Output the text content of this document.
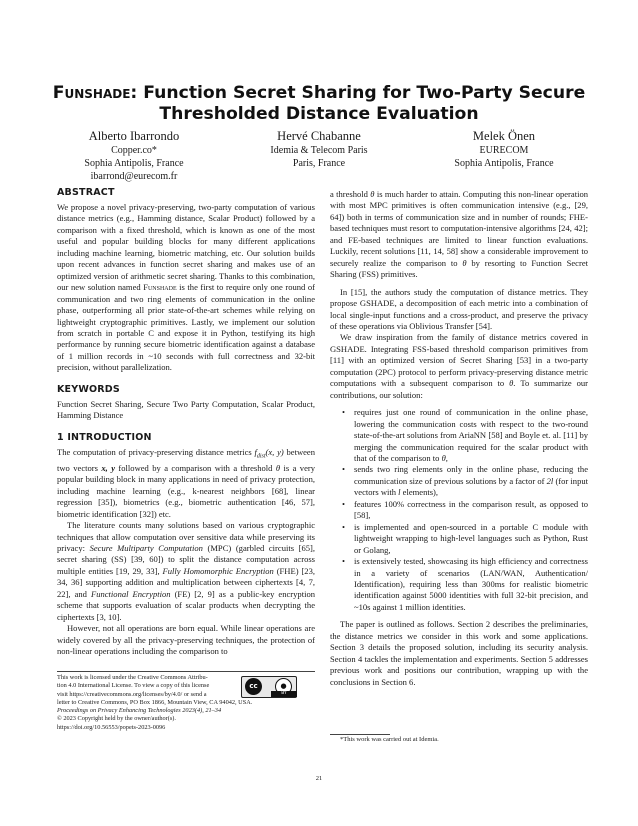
Funshade: Function Secret Sharing for Two-Party Secure
Thresholded Distance Evaluation
Alberto Ibarrondo
Copper.co*
Sophia Antipolis, France
ibarrond@eurecom.fr
Hervé Chabanne
Idemia & Telecom Paris
Paris, France
Melek Önen
EURECOM
Sophia Antipolis, France
ABSTRACT

We propose a novel privacy-preserving, two-party computation of various distance metrics (e.g., Hamming distance, Scalar Product) followed by a comparison with a fixed threshold, which is known as one of the most useful and popular building blocks for many different applications including machine learning, biometric matching, etc. Our solution builds upon recent advances in function secret sharing and makes use of an optimized version of arithmetic secret sharing. Thanks to this combination, our new solution named Funshade is the first to require only one round of communication and two ring elements of communication in the online phase, outperforming all prior state-of-the-art schemes while relying on lightweight cryptographic primitives. Lastly, we implement our solution from scratch in portable C and expose it in Python, testifying its high performance by running secure biometric identification against a database of 1 million records in ~10 seconds with full correctness and 32-bit precision, without parallelization.

KEYWORDS

Function Secret Sharing, Secure Two Party Computation, Scalar Product, Hamming Distance

1 INTRODUCTION

The computation of privacy-preserving distance metrics $f_{dist}(x$, y) between two vectors x, y followed by a comparison with a threshold θ is a very popular building block in many applications in need of privacy protection, including machine learning (e.g., k-nearest neighbors [68], linear regression [35]), biometrics (e.g., biometric authentication [46, 57], biometric identification [32]) etc.

The literature counts many solutions based on various cryptographic techniques that allow computation over sensitive data while preserving its privacy: Secure Multiparty Computation (MPC) (garbled circuits [65], secret sharing (SS) [39, 60]) to split the distance computation across multiple entities [19, 29, 33], Fully Homomorphic Encryption (FHE) [23, 34, 36] supporting addition and multiplication between ciphertexts [4, 7, 22], and Functional Encryption (FE) [2, 9] as a public-key encryption scheme that supports evaluation of scalar products when decrypting the ciphertexts [3, 10].

However, not all operations are born equal. While linear operations are widely covered by all the privacy-preserving techniques, the protection of non-linear operations including the comparison to

This work is licensed under the Creative Commons Attribu-
tion 4.0 International License. To view a copy of this license
visit https://creativecommons.org/licenses/by/4.0/ or send a
letter to Creative Commons, PO Box 1866, Mountain View, CA 94042, USA.
Proceedings on Privacy Enhancing Technologies 2023(4), 21–34
© 2023 Copyright held by the owner/author(s).
https://doi.org/10.56553/popets-2023-0096
cc	●
BY

a threshold θ is much harder to attain. Computing this non-linear operation with most MPC primitives is often communication intensive (e.g., [29, 64]) both in terms of communication size and in number of rounds; FHE-based techniques must resort to computation-intensive algorithms [24, 42]; and FE-based techniques are limited to linear function evaluations. Luckily, recent solutions [11, 14, 58] show a considerable improvement to securely realize the comparison to θ by resorting to Function Secret Sharing (FSS) primitives.

In [15], the authors study the computation of distance metrics. They propose GSHADE, a decomposition of each metric into a combination of local single-input functions and a cross-product, and preserve the privacy of these operations via Oblivious Transfer [54].

We draw inspiration from the family of distance metrics covered in GSHADE. Integrating FSS-based threshold comparison primitives from [11] with an optimized version of Secret Sharing [53] in a two-party computation (2PC) protocol to perform privacy-preserving distance metric computations with a subsequent comparison to θ. To summarize our contributions, our solution:

• requires just one round of communication in the online phase, lowering the communication costs with respect to the two-round state-of-the-art solutions from AriaNN [58] and Boyle et. al. [11] by merging the communication required for the scalar product with that of the comparison to θ,
• sends two ring elements only in the online phase, reducing the communication size of previous solutions by a factor of 2l (for input vectors with l elements),
• features 100% correctness in the comparison result, as opposed to [58],
• is implemented and open-sourced in a portable C module with lightweight wrapping to high-level languages such as Python, Rust or Golang,
• is extensively tested, showcasing its high efficiency and correctness in a variety of scenarios (LAN/WAN, Authentication/ Identification), requiring less than 300ms for realistic biometric identification against 5000 identities with full 32-bit precision, and ~10s against 1 million identities.

The paper is outlined as follows. Section 2 describes the preliminaries, the distance metrics we consider in this work and some applications. Section 3 details the proposed solution, including its security analysis. Section 4 tackles the implementation and experiments. Section 5 addresses previous work and positions our contribution, wrapping up with the conclusions in Section 6.

*This work was carried out at Idemia.
21
